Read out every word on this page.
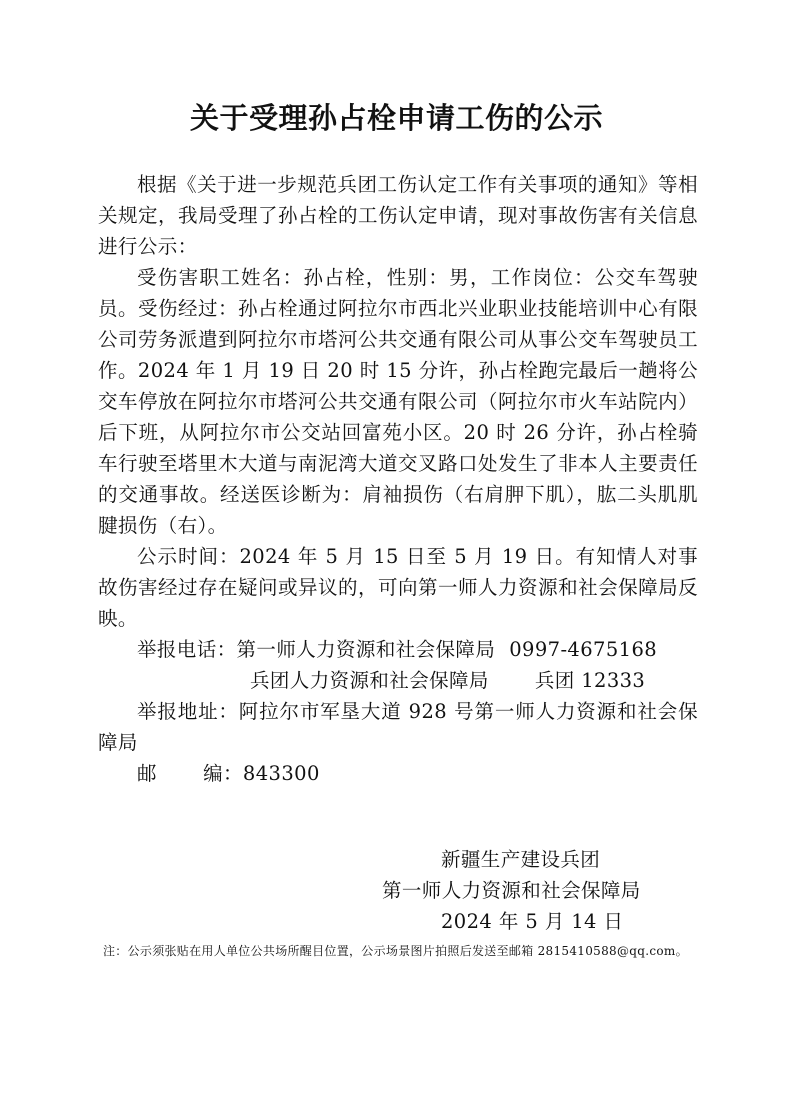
关于受理孙占栓申请工伤的公示

根据《关于进一步规范兵团工伤认定工作有关事项的通知》等相关规定，我局受理了孙占栓的工伤认定申请，现对事故伤害有关信息进行公示：

受伤害职工姓名：孙占栓，性别：男，工作岗位：公交车驾驶员。受伤经过：孙占栓通过阿拉尔市西北兴业职业技能培训中心有限公司劳务派遣到阿拉尔市塔河公共交通有限公司从事公交车驾驶员工作。2024 年 1 月 19 日 20 时 15 分许，孙占栓跑完最后一趟将公交车停放在阿拉尔市塔河公共交通有限公司（阿拉尔市火车站院内）后下班，从阿拉尔市公交站回富苑小区。20 时 26 分许，孙占栓骑车行驶至塔里木大道与南泥湾大道交叉路口处发生了非本人主要责任的交通事故。经送医诊断为：肩袖损伤（右肩胛下肌），肱二头肌肌腱损伤（右）。

公示时间：2024 年 5 月 15 日至 5 月 19 日。有知情人对事故伤害经过存在疑问或异议的，可向第一师人力资源和社会保障局反映。

举报电话： 第一师人力资源和社会保障局 0997-4675168
兵团人力资源和社会保障局 兵团 12333

举报地址：阿拉尔市军垦大道 928 号第一师人力资源和社会保障局

邮 编 ： 843300
新疆生产建设兵团
第一师人力资源和社会保障局
2024 年 5 月 14 日
注：公示须张贴在用人单位公共场所醒目位置，公示场景图片拍照后发送至邮箱 2815410588@qq.com。
